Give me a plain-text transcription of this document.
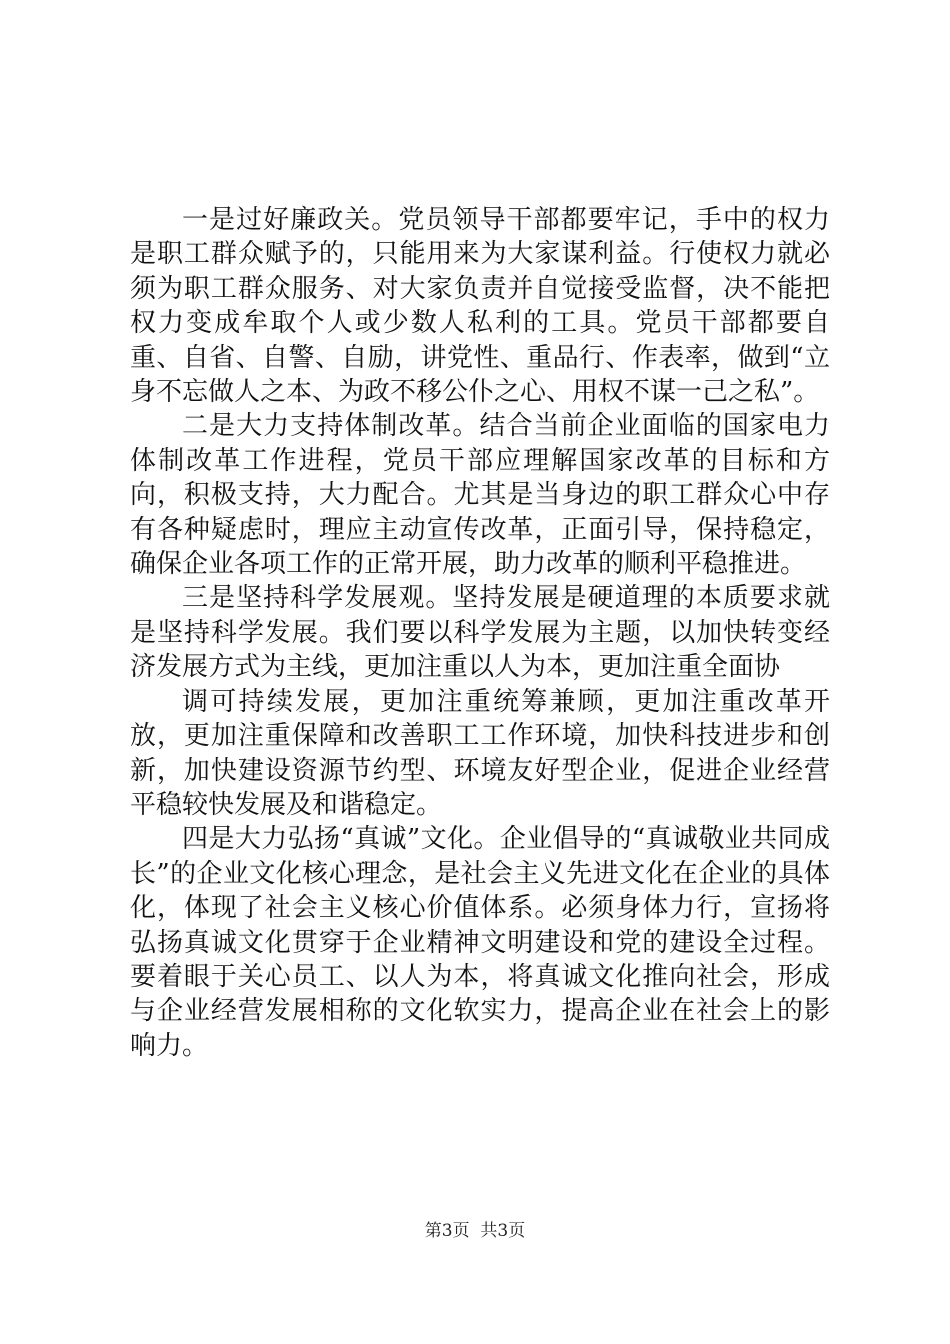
一是过好廉政关。党员领导干部都要牢记，手中的权力是职工群众赋予的，只能用来为大家谋利益。行使权力就必须为职工群众服务、对大家负责并自觉接受监督，决不能把权力变成牟取个人或少数人私利的工具。党员干部都要自重、自省、自警、自励，讲党性、重品行、作表率，做到“立身不忘做人之本、为政不移公仆之心、用权不谋一己之私”。

二是大力支持体制改革。结合当前企业面临的国家电力体制改革工作进程，党员干部应理解国家改革的目标和方向，积极支持，大力配合。尤其是当身边的职工群众心中存有各种疑虑时，理应主动宣传改革，正面引导，保持稳定，确保企业各项工作的正常开展，助力改革的顺利平稳推进。

三是坚持科学发展观。坚持发展是硬道理的本质要求就是坚持科学发展。我们要以科学发展为主题，以加快转变经济发展方式为主线，更加注重以人为本，更加注重全面协

调可持续发展，更加注重统筹兼顾，更加注重改革开放，更加注重保障和改善职工工作环境，加快科技进步和创新，加快建设资源节约型、环境友好型企业，促进企业经营平稳较快发展及和谐稳定。

四是大力弘扬“真诚”文化。企业倡导的“真诚敬业共同成长”的企业文化核心理念，是社会主义先进文化在企业的具体化，体现了社会主义核心价值体系。必须身体力行，宣扬将弘扬真诚文化贯穿于企业精神文明建设和党的建设全过程。要着眼于关心员工、以人为本，将真诚文化推向社会，形成与企业经营发展相称的文化软实力，提高企业在社会上的影响力。

第3页  共3页
